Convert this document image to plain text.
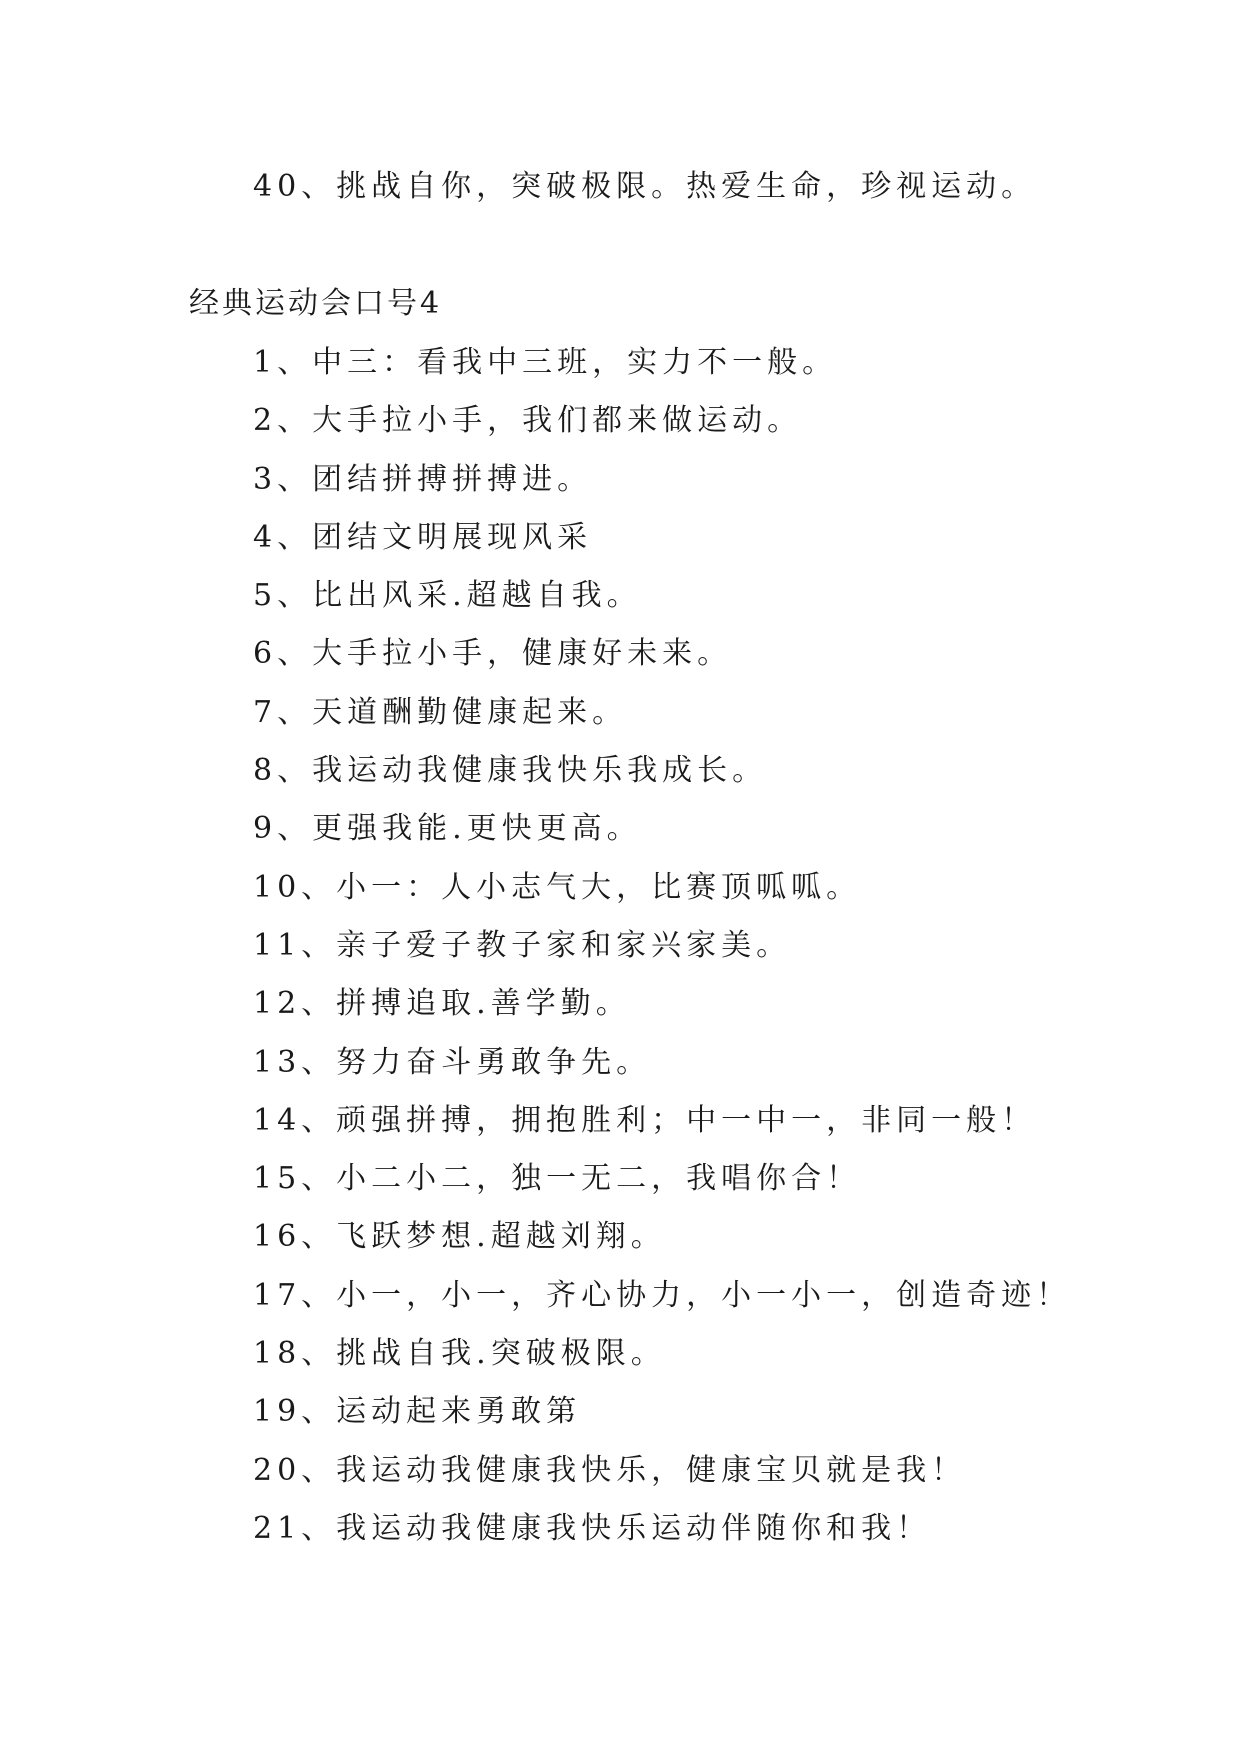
40、挑战自你，突破极限。热爱生命，珍视运动。
经典运动会口号4
1、中三：看我中三班，实力不一般。
2、大手拉小手，我们都来做运动。
3、团结拼搏拼搏进。
4、团结文明展现风采
5、比出风采.超越自我。
6、大手拉小手，健康好未来。
7、天道酬勤健康起来。
8、我运动我健康我快乐我成长。
9、更强我能.更快更高。
10、小一：人小志气大，比赛顶呱呱。
11、亲子爱子教子家和家兴家美。
12、拼搏追取.善学勤。
13、努力奋斗勇敢争先。
14、顽强拼搏，拥抱胜利；中一中一，非同一般！
15、小二小二，独一无二，我唱你合！
16、飞跃梦想.超越刘翔。
17、小一，小一，齐心协力，小一小一，创造奇迹！
18、挑战自我.突破极限。
19、运动起来勇敢第
20、我运动我健康我快乐，健康宝贝就是我！
21、我运动我健康我快乐运动伴随你和我！
